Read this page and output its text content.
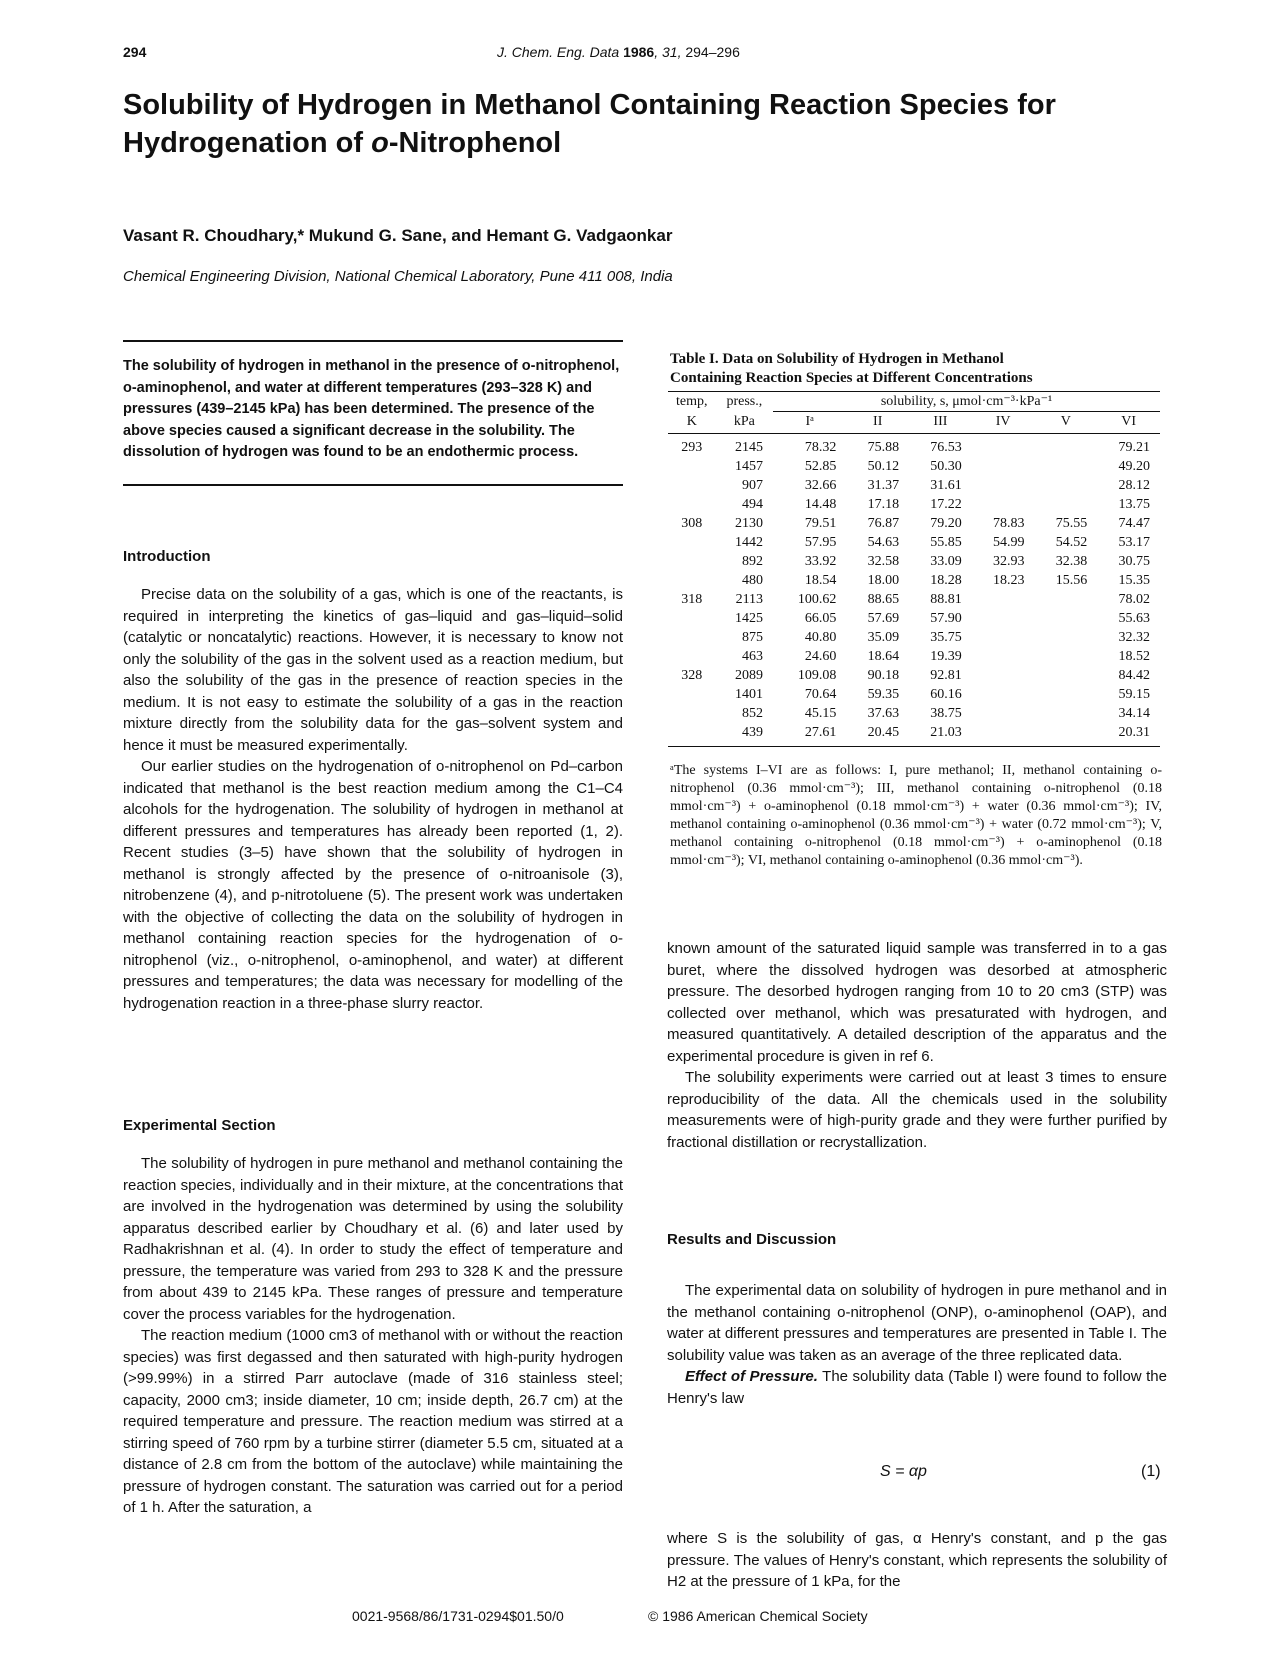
294	J. Chem. Eng. Data 1986, 31, 294–296
Solubility of Hydrogen in Methanol Containing Reaction Species for
Hydrogenation of o-Nitrophenol
Vasant R. Choudhary,* Mukund G. Sane, and Hemant G. Vadgaonkar
Chemical Engineering Division, National Chemical Laboratory, Pune 411 008, India
The solubility of hydrogen in methanol in the presence of o-nitrophenol, o-aminophenol, and water at different temperatures (293–328 K) and pressures (439–2145 kPa) has been determined. The presence of the above species caused a significant decrease in the solubility. The dissolution of hydrogen was found to be an endothermic process.
Introduction

Precise data on the solubility of a gas, which is one of the reactants, is required in interpreting the kinetics of gas–liquid and gas–liquid–solid (catalytic or noncatalytic) reactions. However, it is necessary to know not only the solubility of the gas in the solvent used as a reaction medium, but also the solubility of the gas in the presence of reaction species in the medium. It is not easy to estimate the solubility of a gas in the reaction mixture directly from the solubility data for the gas–solvent system and hence it must be measured experimentally.

Our earlier studies on the hydrogenation of o-nitrophenol on Pd–carbon indicated that methanol is the best reaction medium among the C1–C4 alcohols for the hydrogenation. The solubility of hydrogen in methanol at different pressures and temperatures has already been reported (1, 2). Recent studies (3–5) have shown that the solubility of hydrogen in methanol is strongly affected by the presence of o-nitroanisole (3), nitrobenzene (4), and p-nitrotoluene (5). The present work was undertaken with the objective of collecting the data on the solubility of hydrogen in methanol containing reaction species for the hydrogenation of o-nitrophenol (viz., o-nitrophenol, o-aminophenol, and water) at different pressures and temperatures; the data was necessary for modelling of the hydrogenation reaction in a three-phase slurry reactor.

Experimental Section

The solubility of hydrogen in pure methanol and methanol containing the reaction species, individually and in their mixture, at the concentrations that are involved in the hydrogenation was determined by using the solubility apparatus described earlier by Choudhary et al. (6) and later used by Radhakrishnan et al. (4). In order to study the effect of temperature and pressure, the temperature was varied from 293 to 328 K and the pressure from about 439 to 2145 kPa. These ranges of pressure and temperature cover the process variables for the hydrogenation.

The reaction medium (1000 cm3 of methanol with or without the reaction species) was first degassed and then saturated with high-purity hydrogen (>99.99%) in a stirred Parr autoclave (made of 316 stainless steel; capacity, 2000 cm3; inside diameter, 10 cm; inside depth, 26.7 cm) at the required temperature and pressure. The reaction medium was stirred at a stirring speed of 760 rpm by a turbine stirrer (diameter 5.5 cm, situated at a distance of 2.8 cm from the bottom of the autoclave) while maintaining the pressure of hydrogen constant. The saturation was carried out for a period of 1 h. After the saturation, a

Table I. Data on Solubility of Hydrogen in Methanol
Containing Reaction Species at Different Concentrations
temp,	press.,	solubility, s, μmol·cm⁻³·kPa⁻¹					
K	kPa	Iᵃ	II	III	IV	V	VI
293	2145	78.32	75.88	76.53			79.21
	1457	52.85	50.12	50.30			49.20
	907	32.66	31.37	31.61			28.12
	494	14.48	17.18	17.22			13.75
308	2130	79.51	76.87	79.20	78.83	75.55	74.47
	1442	57.95	54.63	55.85	54.99	54.52	53.17
	892	33.92	32.58	33.09	32.93	32.38	30.75
	480	18.54	18.00	18.28	18.23	15.56	15.35
318	2113	100.62	88.65	88.81			78.02
	1425	66.05	57.69	57.90			55.63
	875	40.80	35.09	35.75			32.32
	463	24.60	18.64	19.39			18.52
328	2089	109.08	90.18	92.81			84.42
	1401	70.64	59.35	60.16			59.15
	852	45.15	37.63	38.75			34.14
	439	27.61	20.45	21.03			20.31
ᵃThe systems I–VI are as follows: I, pure methanol; II, methanol containing o-nitrophenol (0.36 mmol·cm⁻³); III, methanol containing o-nitrophenol (0.18 mmol·cm⁻³) + o-aminophenol (0.18 mmol·cm⁻³) + water (0.36 mmol·cm⁻³); IV, methanol containing o-aminophenol (0.36 mmol·cm⁻³) + water (0.72 mmol·cm⁻³); V, methanol containing o-nitrophenol (0.18 mmol·cm⁻³) + o-aminophenol (0.18 mmol·cm⁻³); VI, methanol containing o-aminophenol (0.36 mmol·cm⁻³).

known amount of the saturated liquid sample was transferred in to a gas buret, where the dissolved hydrogen was desorbed at atmospheric pressure. The desorbed hydrogen ranging from 10 to 20 cm3 (STP) was collected over methanol, which was presaturated with hydrogen, and measured quantitatively. A detailed description of the apparatus and the experimental procedure is given in ref 6.

The solubility experiments were carried out at least 3 times to ensure reproducibility of the data. All the chemicals used in the solubility measurements were of high-purity grade and they were further purified by fractional distillation or recrystallization.

Results and Discussion

The experimental data on solubility of hydrogen in pure methanol and in the methanol containing o-nitrophenol (ONP), o-aminophenol (OAP), and water at different pressures and temperatures are presented in Table I. The solubility value was taken as an average of the three replicated data.

Effect of Pressure. The solubility data (Table I) were found to follow the Henry's law

S = αp	(1)

where S is the solubility of gas, α Henry's constant, and p the gas pressure. The values of Henry's constant, which represents the solubility of H2 at the pressure of 1 kPa, for the

0021-9568/86/1731-0294$01.50/0	© 1986 American Chemical Society
